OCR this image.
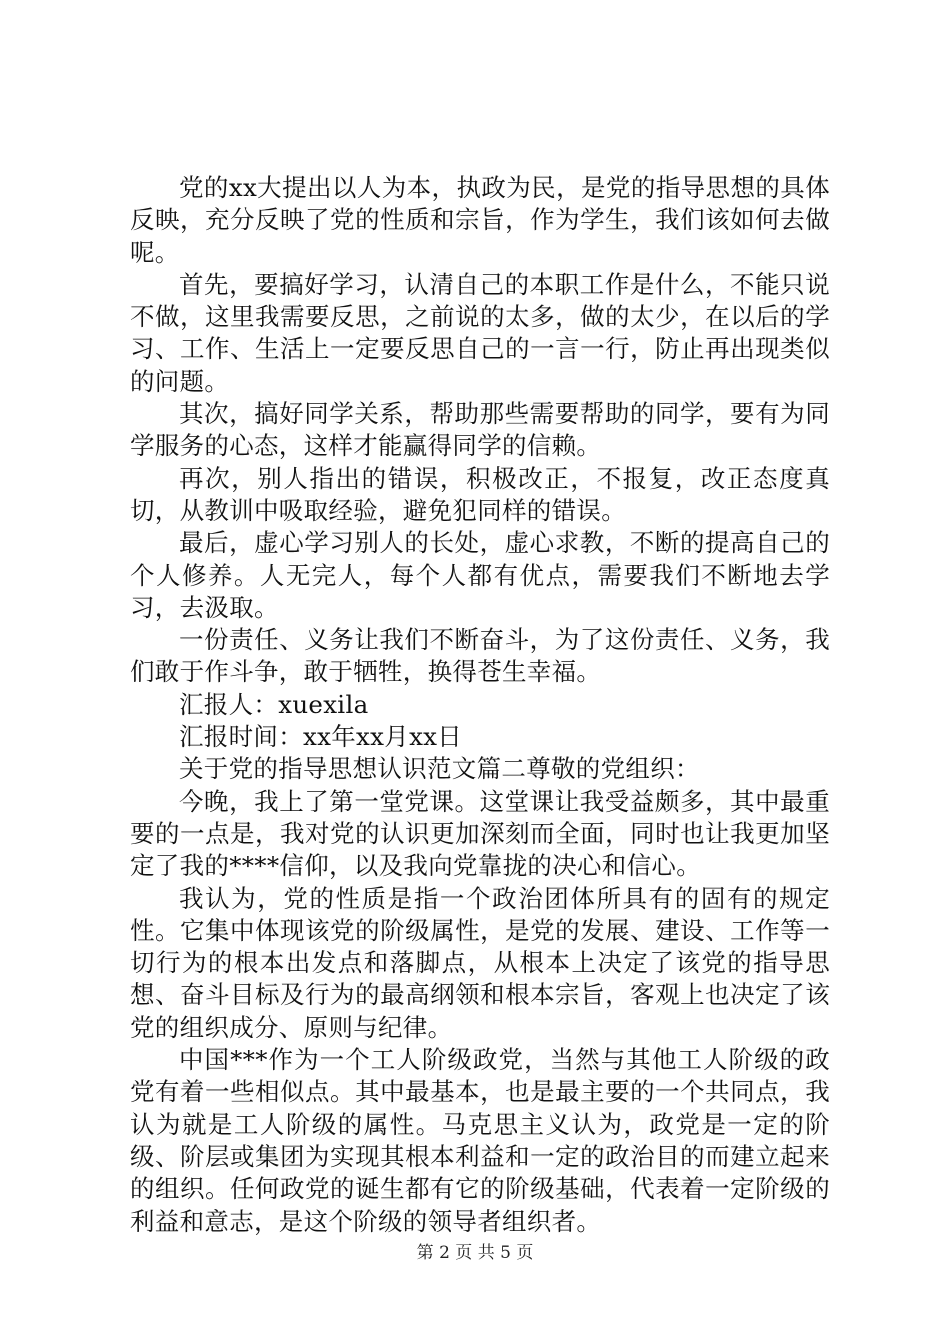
党的xx大提出以人为本，执政为民，是党的指导思想的具体反映，充分反映了党的性质和宗旨，作为学生，我们该如何去做呢。

首先，要搞好学习，认清自己的本职工作是什么，不能只说不做，这里我需要反思，之前说的太多，做的太少，在以后的学习、工作、生活上一定要反思自己的一言一行，防止再出现类似的问题。

其次，搞好同学关系，帮助那些需要帮助的同学，要有为同学服务的心态，这样才能赢得同学的信赖。

再次，别人指出的错误，积极改正，不报复，改正态度真切，从教训中吸取经验，避免犯同样的错误。

最后，虚心学习别人的长处，虚心求教，不断的提高自己的个人修养。人无完人，每个人都有优点，需要我们不断地去学习，去汲取。

一份责任、义务让我们不断奋斗，为了这份责任、义务，我们敢于作斗争，敢于牺牲，换得苍生幸福。

汇报人：xuexila

汇报时间：xx年xx月xx日

关于党的指导思想认识范文篇二尊敬的党组织：

今晚，我上了第一堂党课。这堂课让我受益颇多，其中最重要的一点是，我对党的认识更加深刻而全面，同时也让我更加坚定了我的****信仰，以及我向党靠拢的决心和信心。

我认为，党的性质是指一个政治团体所具有的固有的规定性。它集中体现该党的阶级属性，是党的发展、建设、工作等一切行为的根本出发点和落脚点，从根本上决定了该党的指导思想、奋斗目标及行为的最高纲领和根本宗旨，客观上也决定了该党的组织成分、原则与纪律。

中国***作为一个工人阶级政党，当然与其他工人阶级的政党有着一些相似点。其中最基本，也是最主要的一个共同点，我认为就是工人阶级的属性。马克思主义认为，政党是一定的阶级、阶层或集团为实现其根本利益和一定的政治目的而建立起来的组织。任何政党的诞生都有它的阶级基础，代表着一定阶级的利益和意志，是这个阶级的领导者组织者。

第 2 页 共 5 页
